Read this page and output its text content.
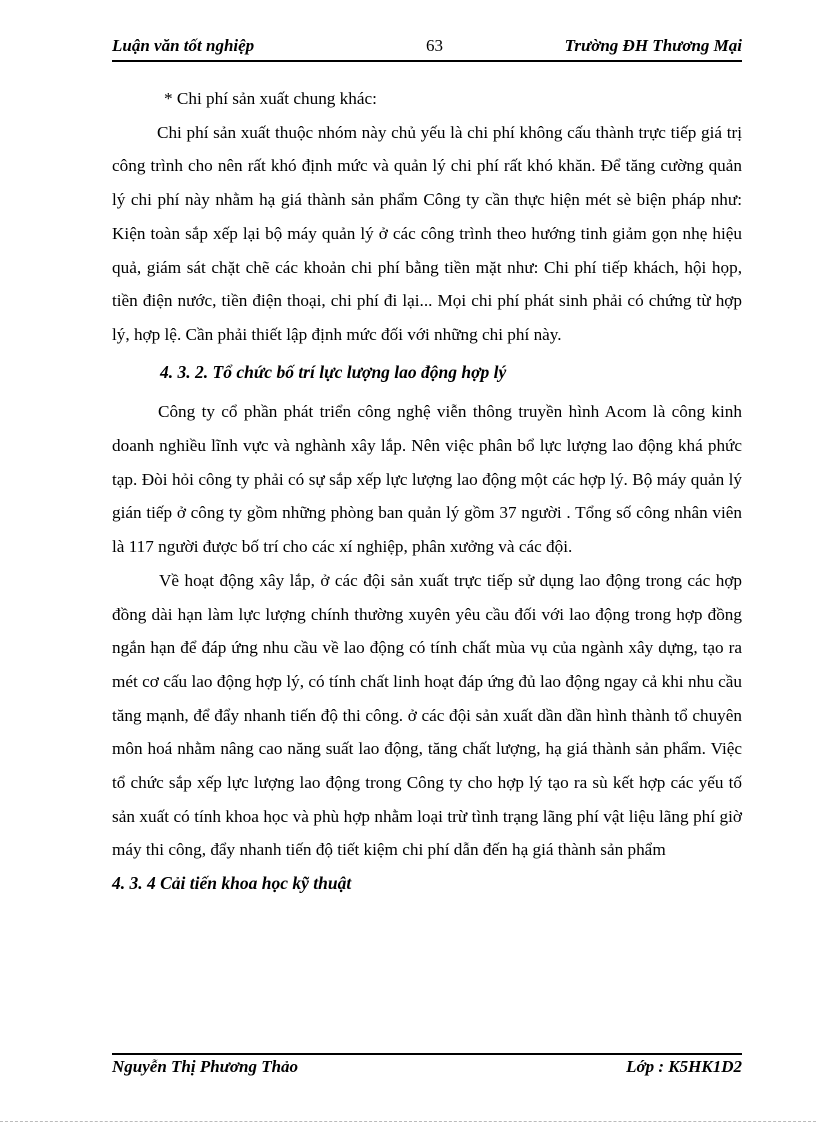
Luận văn tốt nghiệp	63	Trường ĐH Thương Mại

* Chi phí sản xuất chung khác:

Chi phí sản xuất thuộc nhóm này chủ yếu là chi phí không cấu thành trực tiếp giá trị công trình cho nên rất khó định mức và quản lý chi phí rất khó khăn. Để tăng cường quản lý chi phí này nhằm hạ giá thành sản phẩm Công ty cần thực hiện mét sè biện pháp như: Kiện toàn sắp xếp lại bộ máy quản lý ở các công trình theo hướng tinh giảm gọn nhẹ hiệu quả, giám sát chặt chẽ các khoản chi phí bằng tiền mặt như: Chi phí tiếp khách, hội họp, tiền điện nước, tiền điện thoại, chi phí đi lại... Mọi chi phí phát sinh phải có chứng từ hợp lý, hợp lệ. Cần phải thiết lập định mức đối với những chi phí này.

4. 3. 2. Tổ chức bố trí lực lượng lao động hợp lý

Công ty cổ phần phát triển công nghệ viễn thông truyền hình Acom là công kinh doanh nghiều lĩnh vực và nghành xây lắp. Nên việc phân bổ lực lượng lao động khá phức tạp. Đòi hỏi công ty phải có sự sắp xếp lực lượng lao động một các hợp lý. Bộ máy quản lý gián tiếp ở công ty gồm những phòng ban quản lý gồm 37 người . Tổng số công nhân viên là 117 người được bố trí cho các xí nghiệp, phân xưởng và các đội.

Về hoạt động xây lắp, ở các đội sản xuất trực tiếp sử dụng lao động trong các hợp đồng dài hạn làm lực lượng chính thường xuyên yêu cầu đối với lao động trong hợp đồng ngắn hạn để đáp ứng nhu cầu về lao động có tính chất mùa vụ của ngành xây dựng, tạo ra mét cơ cấu lao động hợp lý, có tính chất linh hoạt đáp ứng đủ lao động ngay cả khi nhu cầu tăng mạnh, để đẩy nhanh tiến độ thi công. ở các đội sản xuất dần dần hình thành tổ chuyên môn hoá nhằm nâng cao năng suất lao động, tăng chất lượng, hạ giá thành sản phẩm. Việc tổ chức sắp xếp lực lượng lao động trong Công ty cho hợp lý tạo ra sù kết hợp các yếu tố sản xuất có tính khoa học và phù hợp nhằm loại trừ tình trạng lãng phí vật liệu lãng phí giờ máy thi công, đẩy nhanh tiến độ tiết kiệm chi phí dẫn đến hạ giá thành sản phẩm

4. 3. 4 Cải tiến khoa học kỹ thuật

Nguyễn Thị Phương Thảo	Lớp : K5HK1D2
